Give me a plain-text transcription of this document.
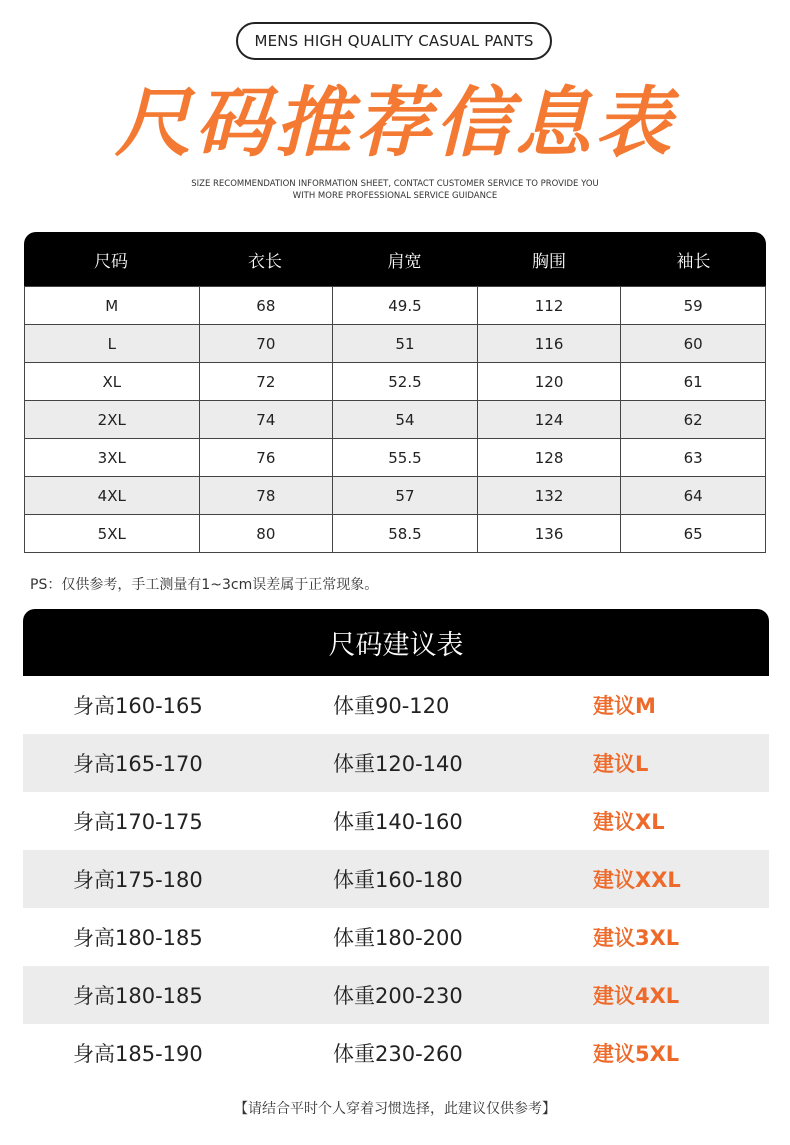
MENS HIGH QUALITY CASUAL PANTS
尺码推荐信息表
SIZE RECOMMENDATION INFORMATION SHEET, CONTACT CUSTOMER SERVICE TO PROVIDE YOU
WITH MORE PROFESSIONAL SERVICE GUIDANCE
尺码	衣长	肩宽	胸围	袖长
M	68	49.5	112	59
L	70	51	116	60
XL	72	52.5	120	61
2XL	74	54	124	62
3XL	76	55.5	128	63
4XL	78	57	132	64
5XL	80	58.5	136	65
PS：仅供参考，手工测量有1~3cm误差属于正常现象。
尺码建议表
身高160-165	体重90-120	建议M
身高165-170	体重120-140	建议L
身高170-175	体重140-160	建议XL
身高175-180	体重160-180	建议XXL
身高180-185	体重180-200	建议3XL
身高180-185	体重200-230	建议4XL
身高185-190	体重230-260	建议5XL
【请结合平时个人穿着习惯选择，此建议仅供参考】
